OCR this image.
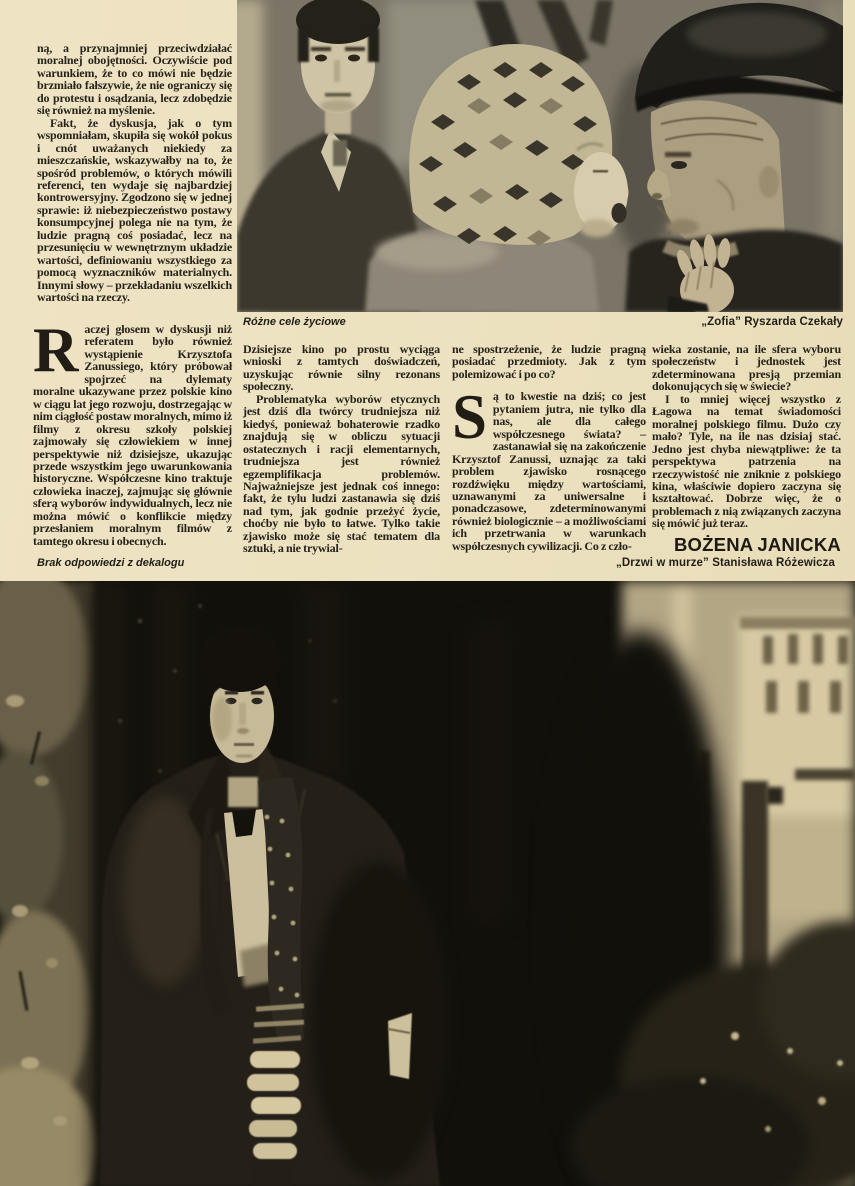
ną, a przynajmniej przeciwdziałać moralnej obojętności. Oczywiście pod warunkiem, że to co mówi nie będzie brzmiało fałszywie, że nie ograniczy się do protestu i osądzania, lecz zdobędzie się również na myślenie.

Fakt, że dyskusja, jak o tym wspomniałam, skupiła się wokół pokus i cnót uważanych niekiedy za mieszczańskie, wskazywałby na to, że spośród problemów, o których mówili referenci, ten wydaje się najbardziej kontrowersyjny. Zgodzono się w jednej sprawie: iż niebezpieczeństwo postawy konsumpcyjnej polega nie na tym, że ludzie pragną coś posiadać, lecz na przesunięciu w wewnętrznym układzie wartości, definiowaniu wszystkiego za pomocą wyznaczników materialnych. Innymi słowy – przekładaniu wszelkich wartości na rzeczy.

Różne cele życiowe	„Zofia” Ryszarda Czekały

Raczej głosem w dyskusji niż referatem było również wystąpienie Krzysztofa Zanussiego, który próbował spojrzeć na dylematy moralne ukazywane przez polskie kino w ciągu lat jego rozwoju, dostrzegając w nim ciągłość postaw moralnych, mimo iż filmy z okresu szkoły polskiej zajmowały się człowiekiem w innej perspektywie niż dzisiejsze, ukazując przede wszystkim jego uwarunkowania historyczne. Współczesne kino traktuje człowieka inaczej, zajmując się głównie sferą wyborów indywidualnych, lecz nie można mówić o konflikcie między przesłaniem moralnym filmów z tamtego okresu i obecnych.

Dzisiejsze kino po prostu wyciąga wnioski z tamtych doświadczeń, uzyskując równie silny rezonans społeczny.

Problematyka wyborów etycznych jest dziś dla twórcy trudniejsza niż kiedyś, ponieważ bohaterowie rzadko znajdują się w obliczu sytuacji ostatecznych i racji elementarnych, trudniejsza jest również egzemplifikacja problemów. Najważniejsze jest jednak coś innego: fakt, że tylu ludzi zastanawia się dziś nad tym, jak godnie przeżyć życie, choćby nie było to łatwe. Tylko takie zjawisko może się stać tematem dla sztuki, a nie trywial-

ne spostrzeżenie, że ludzie pragną posiadać przedmioty. Jak z tym polemizować i po co?

Są to kwestie na dziś; co jest pytaniem jutra, nie tylko dla nas, ale dla całego współczesnego świata? – zastanawiał się na zakończenie Krzysztof Zanussi, uznając za taki problem zjawisko rosnącego rozdźwięku między wartościami, uznawanymi za uniwersalne i ponadczasowe, zdeterminowanymi również biologicznie – a możliwościami ich przetrwania w warunkach współczesnych cywilizacji. Co z czło-

wieka zostanie, na ile sfera wyboru społeczeństw i jednostek jest zdeterminowana presją przemian dokonujących się w świecie?

I to mniej więcej wszystko z Łagowa na temat świadomości moralnej polskiego filmu. Dużo czy mało? Tyle, na ile nas dzisiaj stać. Jedno jest chyba niewątpliwe: że ta perspektywa patrzenia na rzeczywistość nie zniknie z polskiego kina, właściwie dopiero zaczyna się kształtować. Dobrze więc, że o problemach z nią związanych zaczyna się mówić już teraz.

BOŻENA JANICKA
Brak odpowiedzi z dekalogu	„Drzwi w murze” Stanisława Różewicza
